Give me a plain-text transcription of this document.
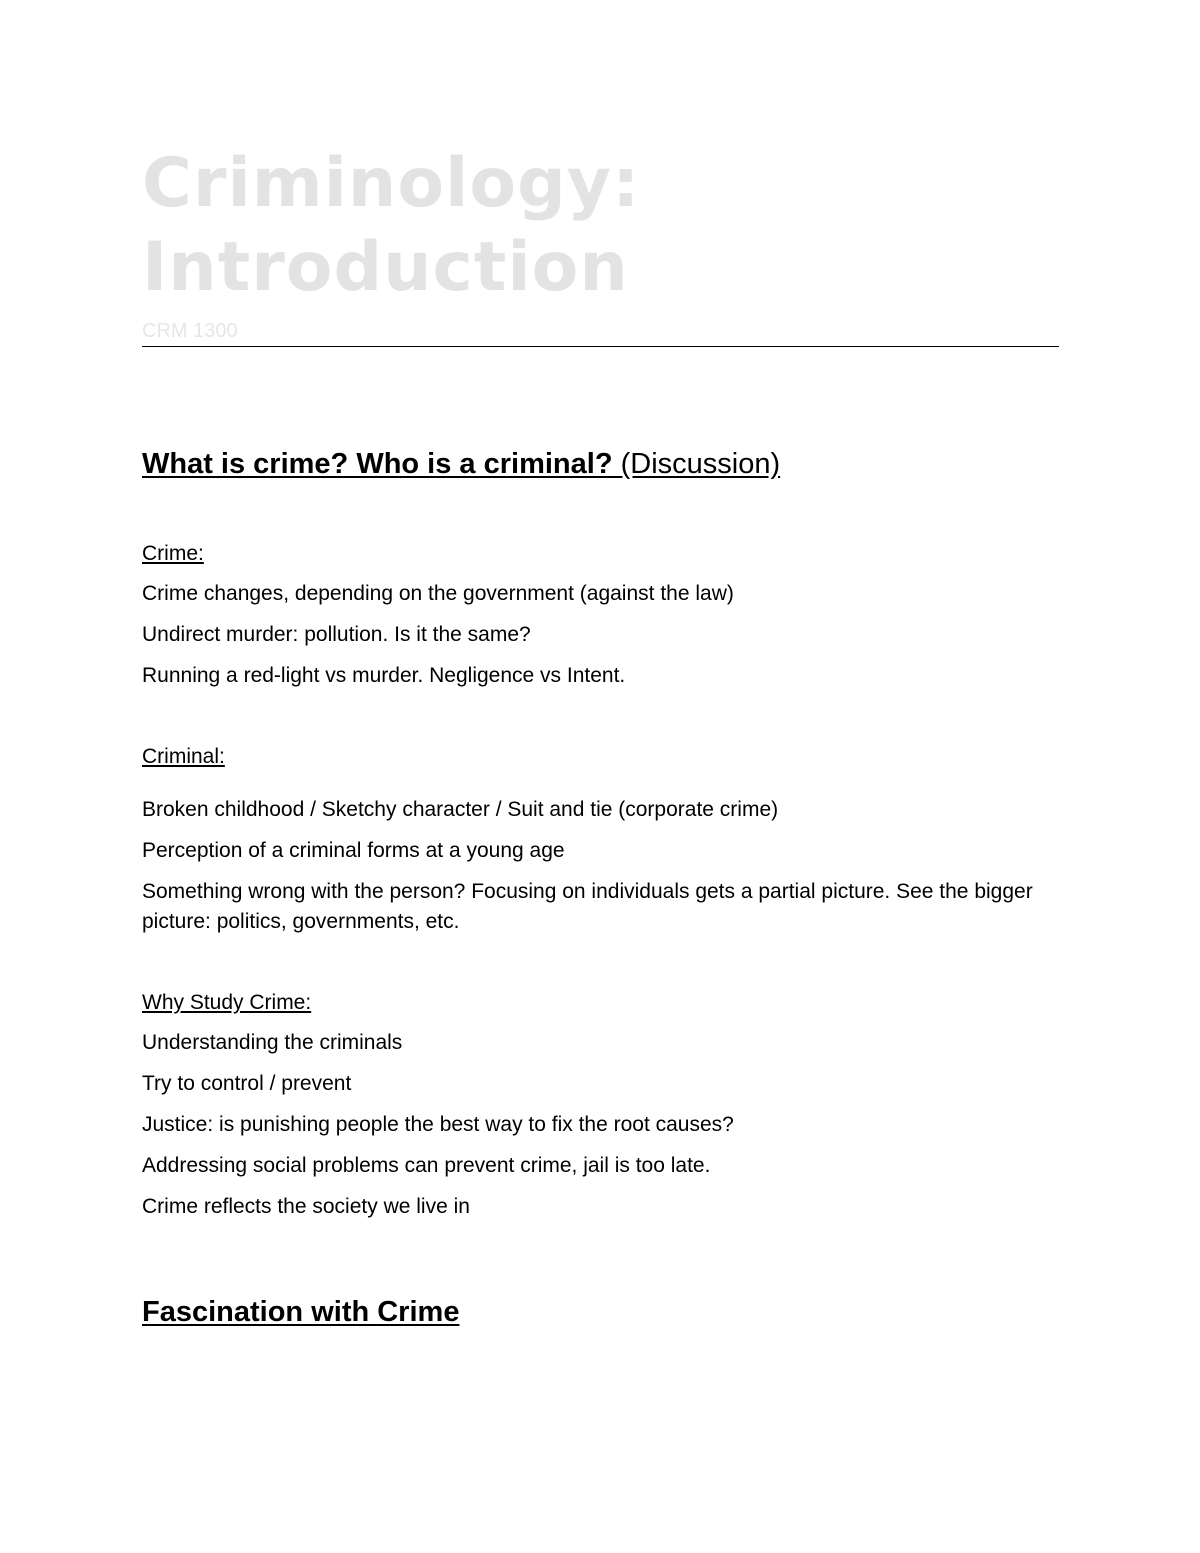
Criminology:
Introduction

CRM 1300

What is crime? Who is a criminal? (Discussion)

Crime:

Crime changes, depending on the government (against the law)

Undirect murder: pollution. Is it the same?

Running a red-light vs murder. Negligence vs Intent.

Criminal:

Broken childhood / Sketchy character / Suit and tie (corporate crime)

Perception of a criminal forms at a young age

Something wrong with the person? Focusing on individuals gets a partial picture. See the bigger picture: politics, governments, etc.

Why Study Crime:

Understanding the criminals

Try to control / prevent

Justice: is punishing people the best way to fix the root causes?

Addressing social problems can prevent crime, jail is too late.

Crime reflects the society we live in

Fascination with Crime
